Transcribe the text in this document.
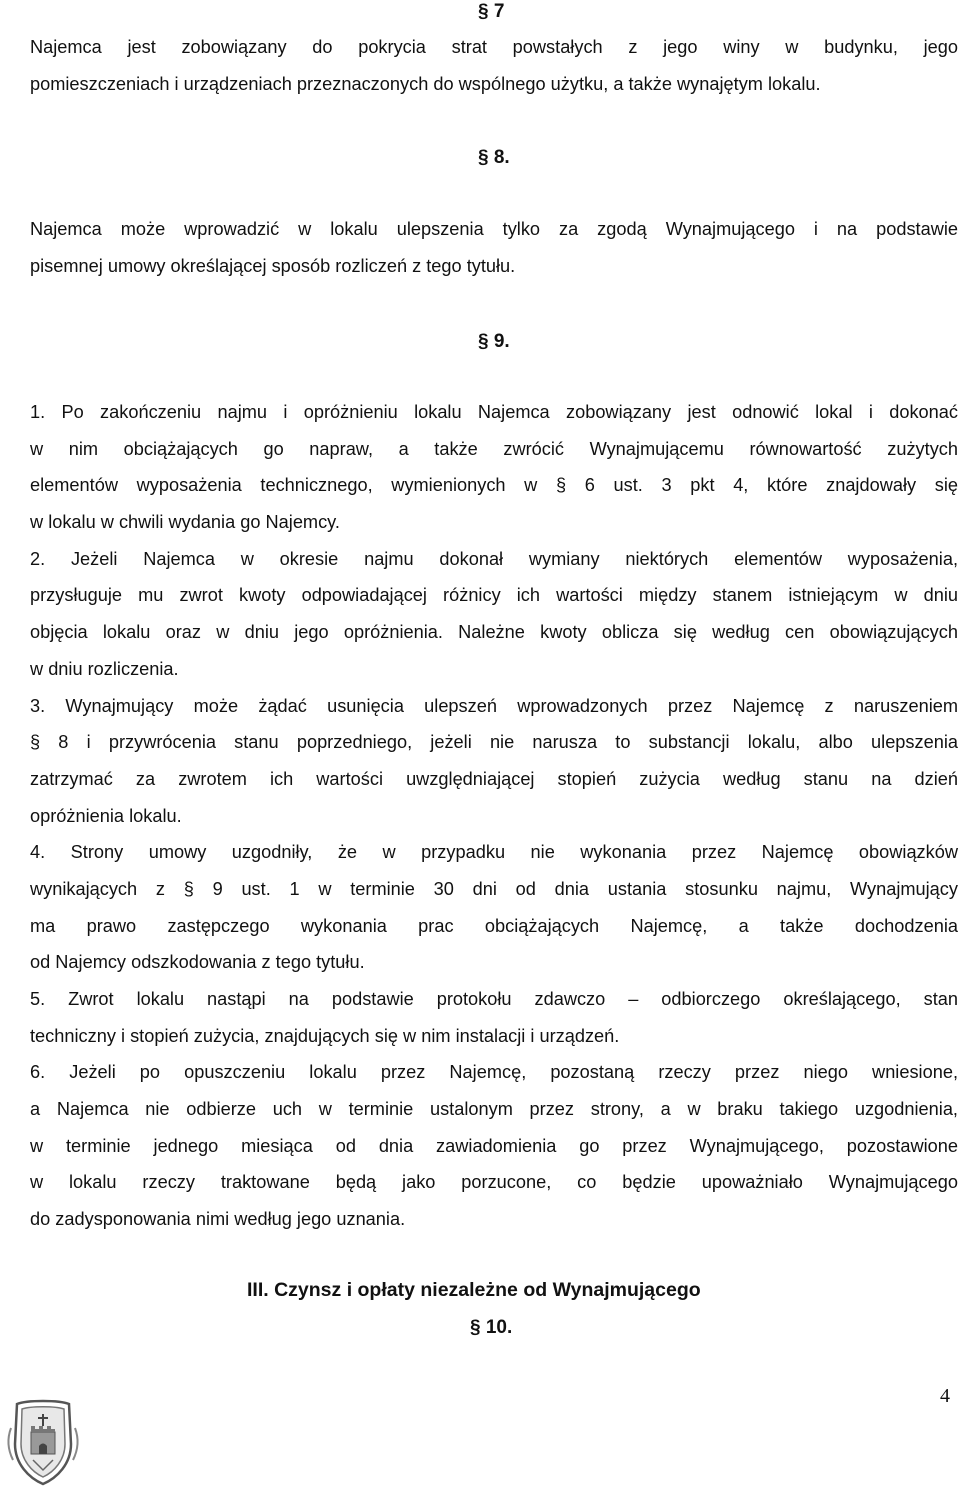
§ 7
Najemca jest zobowiązany do pokrycia strat powstałych z jego winy w budynku, jego
pomieszczeniach i urządzeniach przeznaczonych do wspólnego użytku, a także wynajętym lokalu.
§ 8.
Najemca może wprowadzić w lokalu ulepszenia tylko za zgodą Wynajmującego i na podstawie
pisemnej umowy określającej sposób rozliczeń z tego tytułu.
§ 9.
1. Po zakończeniu najmu i opróżnieniu lokalu Najemca zobowiązany jest odnowić lokal i dokonać
w nim obciążających go napraw, a także zwrócić Wynajmującemu równowartość zużytych
elementów wyposażenia technicznego, wymienionych w § 6 ust. 3 pkt 4, które znajdowały się
w lokalu w chwili wydania go Najemcy.
2. Jeżeli Najemca w okresie najmu dokonał wymiany niektórych elementów wyposażenia,
przysługuje mu zwrot kwoty odpowiadającej różnicy ich wartości między stanem istniejącym w dniu
objęcia lokalu oraz w dniu jego opróżnienia. Należne kwoty oblicza się według cen obowiązujących
w dniu rozliczenia.
3. Wynajmujący może żądać usunięcia ulepszeń wprowadzonych przez Najemcę z naruszeniem
§ 8 i przywrócenia stanu poprzedniego, jeżeli nie narusza to substancji lokalu, albo ulepszenia
zatrzymać za zwrotem ich wartości uwzględniającej stopień zużycia według stanu na dzień
opróżnienia lokalu.
4. Strony umowy uzgodniły, że w przypadku nie wykonania przez Najemcę obowiązków
wynikających z § 9 ust. 1 w terminie 30 dni od dnia ustania stosunku najmu, Wynajmujący
ma prawo zastępczego wykonania prac obciążających Najemcę, a także dochodzenia
od Najemcy odszkodowania z tego tytułu.
5. Zwrot lokalu nastąpi na podstawie protokołu zdawczo – odbiorczego określającego, stan
techniczny i stopień zużycia, znajdujących się w nim instalacji i urządzeń.
6. Jeżeli po opuszczeniu lokalu przez Najemcę, pozostaną rzeczy przez niego wniesione,
a Najemca nie odbierze uch w terminie ustalonym przez strony, a w braku takiego uzgodnienia,
w terminie jednego miesiąca od dnia zawiadomienia go przez Wynajmującego, pozostawione
w lokalu rzeczy traktowane będą jako porzucone, co będzie upoważniało Wynajmującego
do zadysponowania nimi według jego uznania.
III. Czynsz i opłaty niezależne od Wynajmującego
§ 10.
4
